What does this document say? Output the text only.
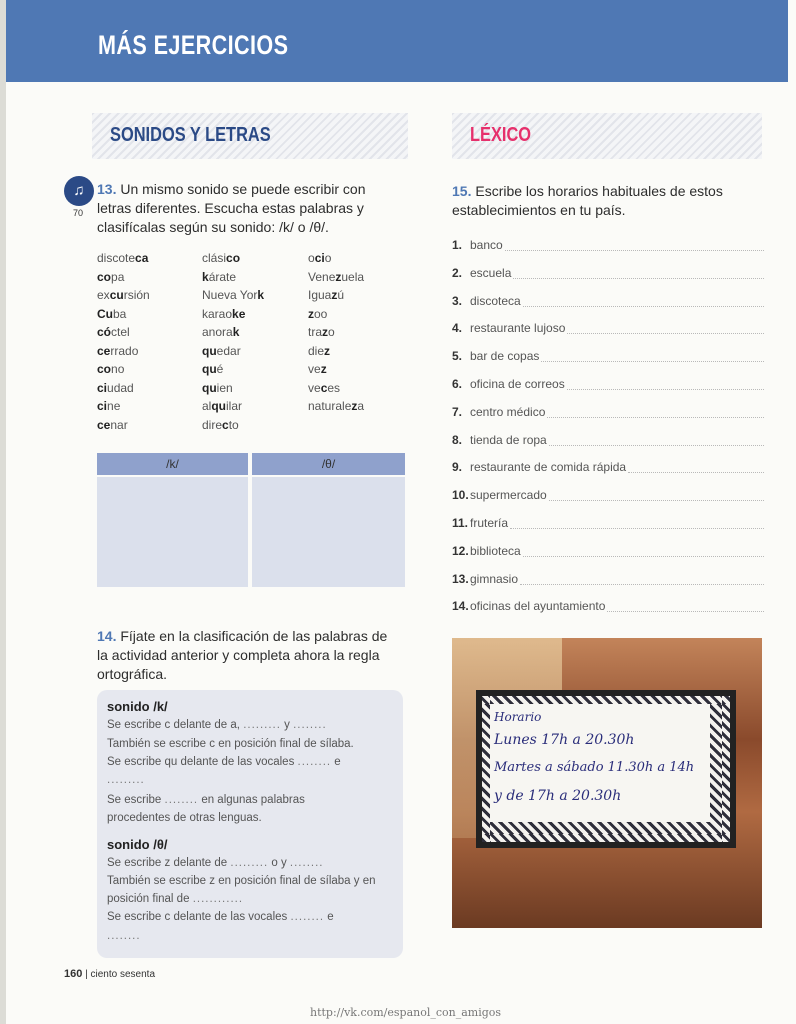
MÁS EJERCICIOS
SONIDOS Y LETRAS	LÉXICO
♫
70
13. Un mismo sonido se puede escribir con
letras diferentes. Escucha estas palabras y
clasifícalas según su sonido: /k/ o /θ/.
discoteca
copa
excursión
Cuba
cóctel
cerrado
cono
ciudad
cine
cenar
clásico
kárate
Nueva York
karaoke
anorak
quedar
qué
quien
alquilar
directo
ocio
Venezuela
Iguazú
zoo
trazo
diez
vez
veces
naturaleza
/k/	/θ/
14. Fíjate en la clasificación de las palabras de
la actividad anterior y completa ahora la regla
ortográfica.
sonido /k/
Se escribe c delante de a, ......... y ........
También se escribe c en posición final de sílaba.
Se escribe qu delante de las vocales ........ e
.........
Se escribe ........ en algunas palabras
procedentes de otras lenguas.
sonido /θ/
Se escribe z delante de ......... o y ........
También se escribe z en posición final de sílaba y en
posición final de ............
Se escribe c delante de las vocales ........ e
........
15. Escribe los horarios habituales de estos
establecimientos en tu país.
1. banco
2. escuela
3. discoteca
4. restaurante lujoso
5. bar de copas
6. oficina de correos
7. centro médico
8. tienda de ropa
9. restaurante de comida rápida
10. supermercado
11. frutería
12. biblioteca
13. gimnasio
14. oficinas del ayuntamiento
Horario
Lunes 17h a 20.30h
Martes a sábado 11.30h a 14h
y de 17h a 20.30h
160 | ciento sesenta
http://vk.com/espanol_con_amigos
